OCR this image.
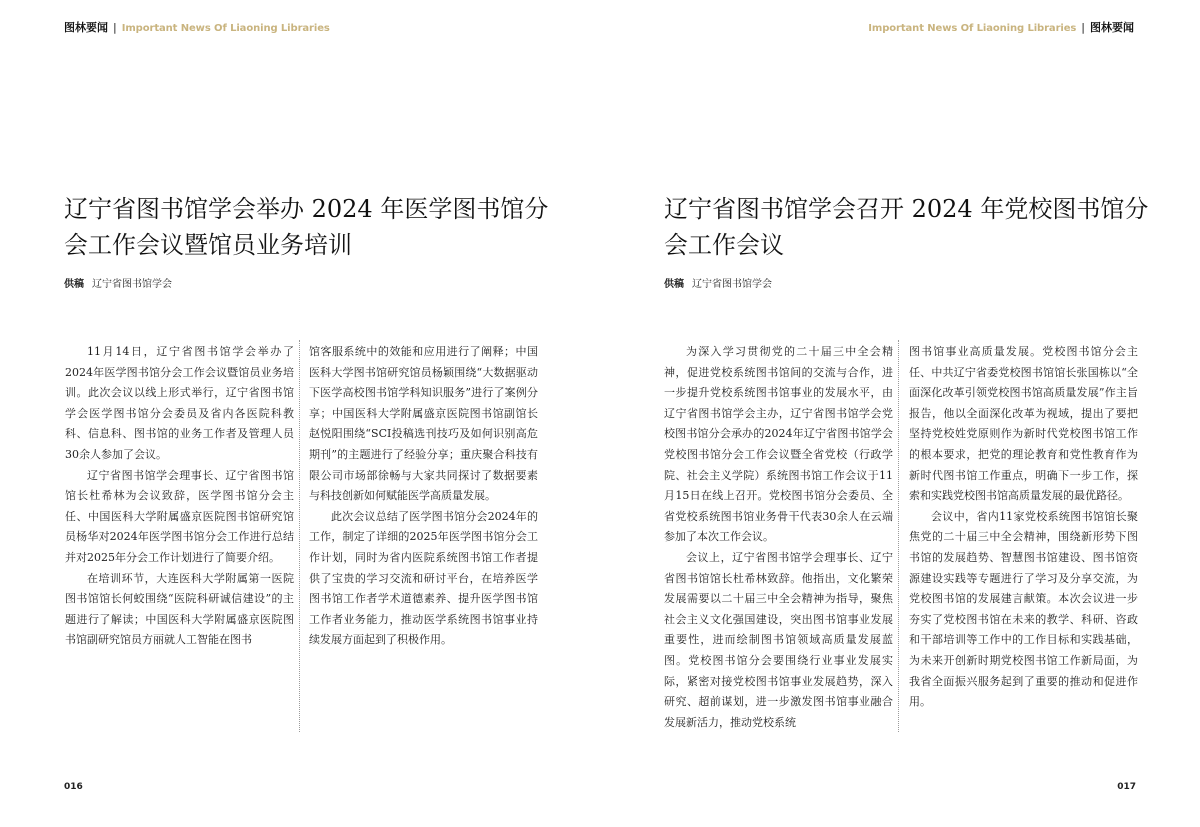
图林要闻 | Important News Of Liaoning Libraries
辽宁省图书馆学会举办 2024 年医学图书馆分会工作会议暨馆员业务培训
供稿 辽宁省图书馆学会

11月14日，辽宁省图书馆学会举办了2024年医学图书馆分会工作会议暨馆员业务培训。此次会议以线上形式举行，辽宁省图书馆学会医学图书馆分会委员及省内各医院科教科、信息科、图书馆的业务工作者及管理人员30余人参加了会议。

辽宁省图书馆学会理事长、辽宁省图书馆馆长杜希林为会议致辞，医学图书馆分会主任、中国医科大学附属盛京医院图书馆研究馆员杨华对2024年医学图书馆分会工作进行总结并对2025年分会工作计划进行了简要介绍。

在培训环节，大连医科大学附属第一医院图书馆馆长何蛟围绕“医院科研诚信建设”的主题进行了解读；中国医科大学附属盛京医院图书馆副研究馆员方丽就人工智能在图书

馆客服系统中的效能和应用进行了阐释；中国医科大学图书馆研究馆员杨颖围绕“大数据驱动下医学高校图书馆学科知识服务”进行了案例分享；中国医科大学附属盛京医院图书馆副馆长赵悦阳围绕“SCI投稿选刊技巧及如何识别高危期刊”的主题进行了经验分享；重庆聚合科技有限公司市场部徐畅与大家共同探讨了数据要素与科技创新如何赋能医学高质量发展。

此次会议总结了医学图书馆分会2024年的工作，制定了详细的2025年医学图书馆分会工作计划，同时为省内医院系统图书馆工作者提供了宝贵的学习交流和研讨平台，在培养医学图书馆工作者学术道德素养、提升医学图书馆工作者业务能力，推动医学系统图书馆事业持续发展方面起到了积极作用。

016
Important News Of Liaoning Libraries | 图林要闻
辽宁省图书馆学会召开 2024 年党校图书馆分会工作会议
供稿 辽宁省图书馆学会

为深入学习贯彻党的二十届三中全会精神，促进党校系统图书馆间的交流与合作，进一步提升党校系统图书馆事业的发展水平，由辽宁省图书馆学会主办，辽宁省图书馆学会党校图书馆分会承办的2024年辽宁省图书馆学会党校图书馆分会工作会议暨全省党校（行政学院、社会主义学院）系统图书馆工作会议于11月15日在线上召开。党校图书馆分会委员、全省党校系统图书馆业务骨干代表30余人在云端参加了本次工作会议。

会议上，辽宁省图书馆学会理事长、辽宁省图书馆馆长杜希林致辞。他指出，文化繁荣发展需要以二十届三中全会精神为指导，聚焦社会主义文化强国建设，突出图书馆事业发展重要性，进而绘制图书馆领域高质量发展蓝图。党校图书馆分会要围绕行业事业发展实际，紧密对接党校图书馆事业发展趋势，深入研究、超前谋划，进一步激发图书馆事业融合发展新活力，推动党校系统

图书馆事业高质量发展。党校图书馆分会主任、中共辽宁省委党校图书馆馆长张国栋以“全面深化改革引领党校图书馆高质量发展”作主旨报告，他以全面深化改革为视域，提出了要把坚持党校姓党原则作为新时代党校图书馆工作的根本要求，把党的理论教育和党性教育作为新时代图书馆工作重点，明确下一步工作，探索和实践党校图书馆高质量发展的最优路径。

会议中，省内11家党校系统图书馆馆长聚焦党的二十届三中全会精神，围绕新形势下图书馆的发展趋势、智慧图书馆建设、图书馆资源建设实践等专题进行了学习及分享交流，为党校图书馆的发展建言献策。本次会议进一步夯实了党校图书馆在未来的教学、科研、咨政和干部培训等工作中的工作目标和实践基础，为未来开创新时期党校图书馆工作新局面，为我省全面振兴服务起到了重要的推动和促进作用。

017
